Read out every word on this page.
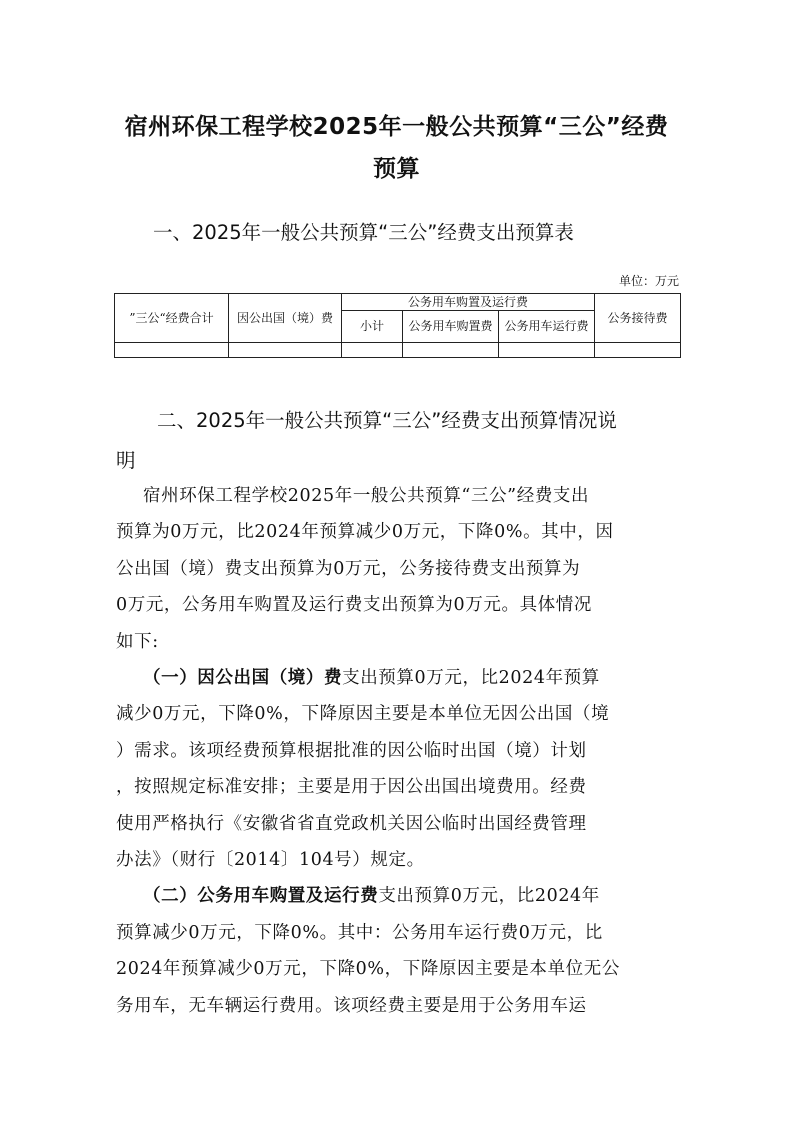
宿州环保工程学校2025年一般公共预算“三公”经费
预算
一、2025年一般公共预算“三公”经费支出预算表
单位：万元
”三公“经费合计	因公出国（境）费	公务用车购置及运行费			公务接待费
		小计	公务用车购置费	公务用车运行费	

二、2025年一般公共预算“三公”经费支出预算情况说
明

宿州环保工程学校2025年一般公共预算“三公”经费支出
预算为0万元，比2024年预算减少0万元，下降0%。其中，因
公出国（境）费支出预算为0万元，公务接待费支出预算为
0万元，公务用车购置及运行费支出预算为0万元。具体情况
如下:

（一）因公出国（境）费支出预算0万元，比2024年预算
减少0万元，下降0%，下降原因主要是本单位无因公出国（境
）需求。该项经费预算根据批准的因公临时出国（境）计划
，按照规定标准安排；主要是用于因公出国出境费用。经费
使用严格执行《安徽省省直党政机关因公临时出国经费管理
办法》（财行〔2014〕104号）规定。

（二）公务用车购置及运行费支出预算0万元，比2024年
预算减少0万元，下降0%。其中：公务用车运行费0万元，比
2024年预算减少0万元，下降0%，下降原因主要是本单位无公
务用车，无车辆运行费用。该项经费主要是用于公务用车运
